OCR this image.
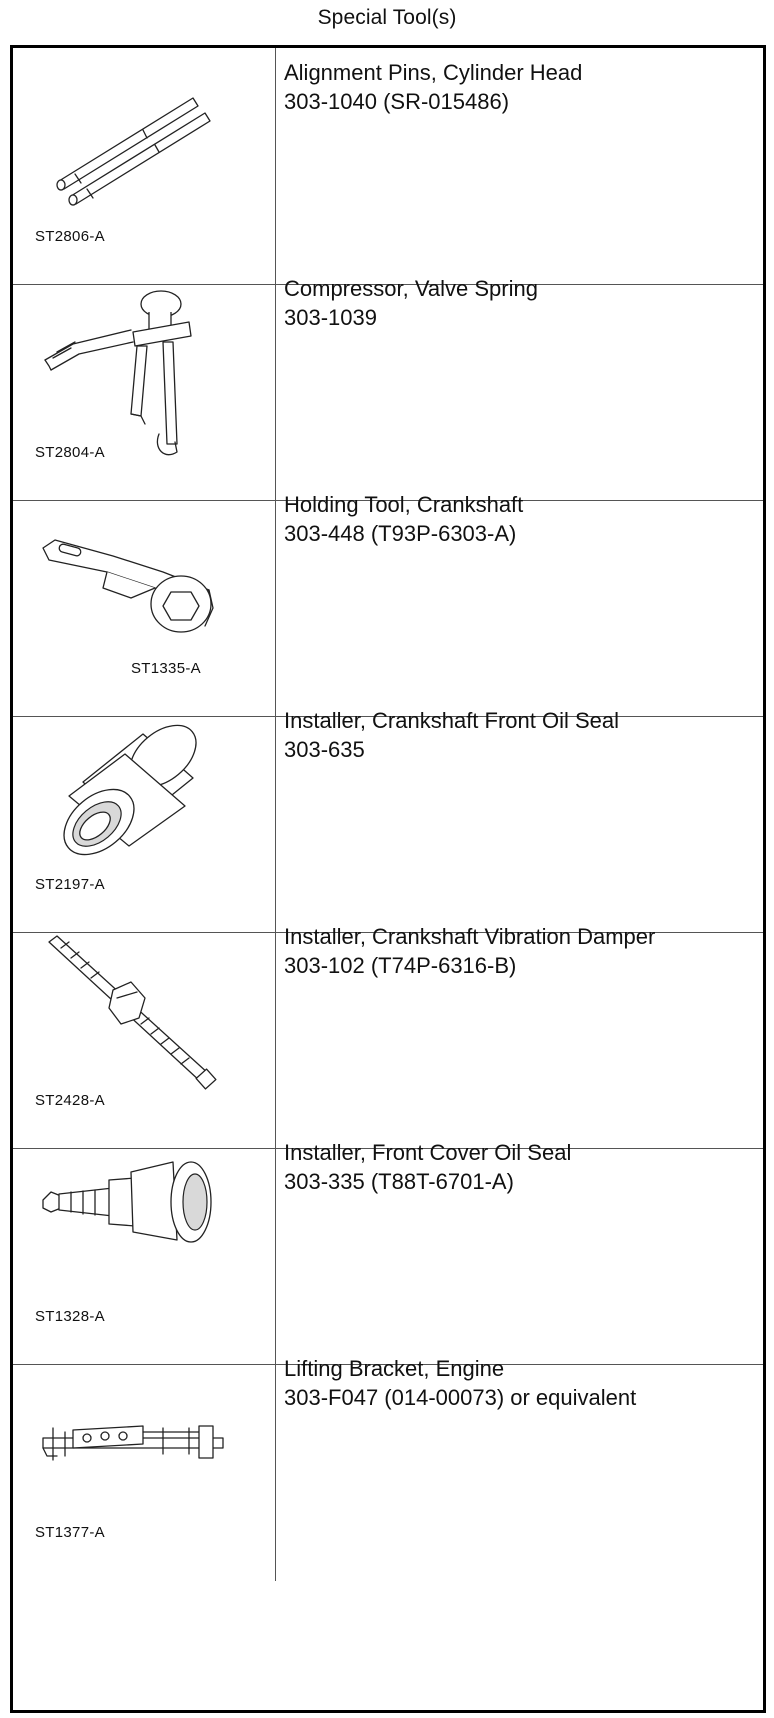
Special Tool(s)
ST2806-A
Alignment Pins, Cylinder Head
303-1040 (SR-015486)
ST2804-A
Compressor, Valve Spring
303-1039
ST1335-A
Holding Tool, Crankshaft
303-448 (T93P-6303-A)
ST2197-A
Installer, Crankshaft Front Oil Seal
303-635
ST2428-A
Installer, Crankshaft Vibration Damper
303-102 (T74P-6316-B)
ST1328-A
Installer, Front Cover Oil Seal
303-335 (T88T-6701-A)
ST1377-A
Lifting Bracket, Engine
303-F047 (014-00073) or equivalent
